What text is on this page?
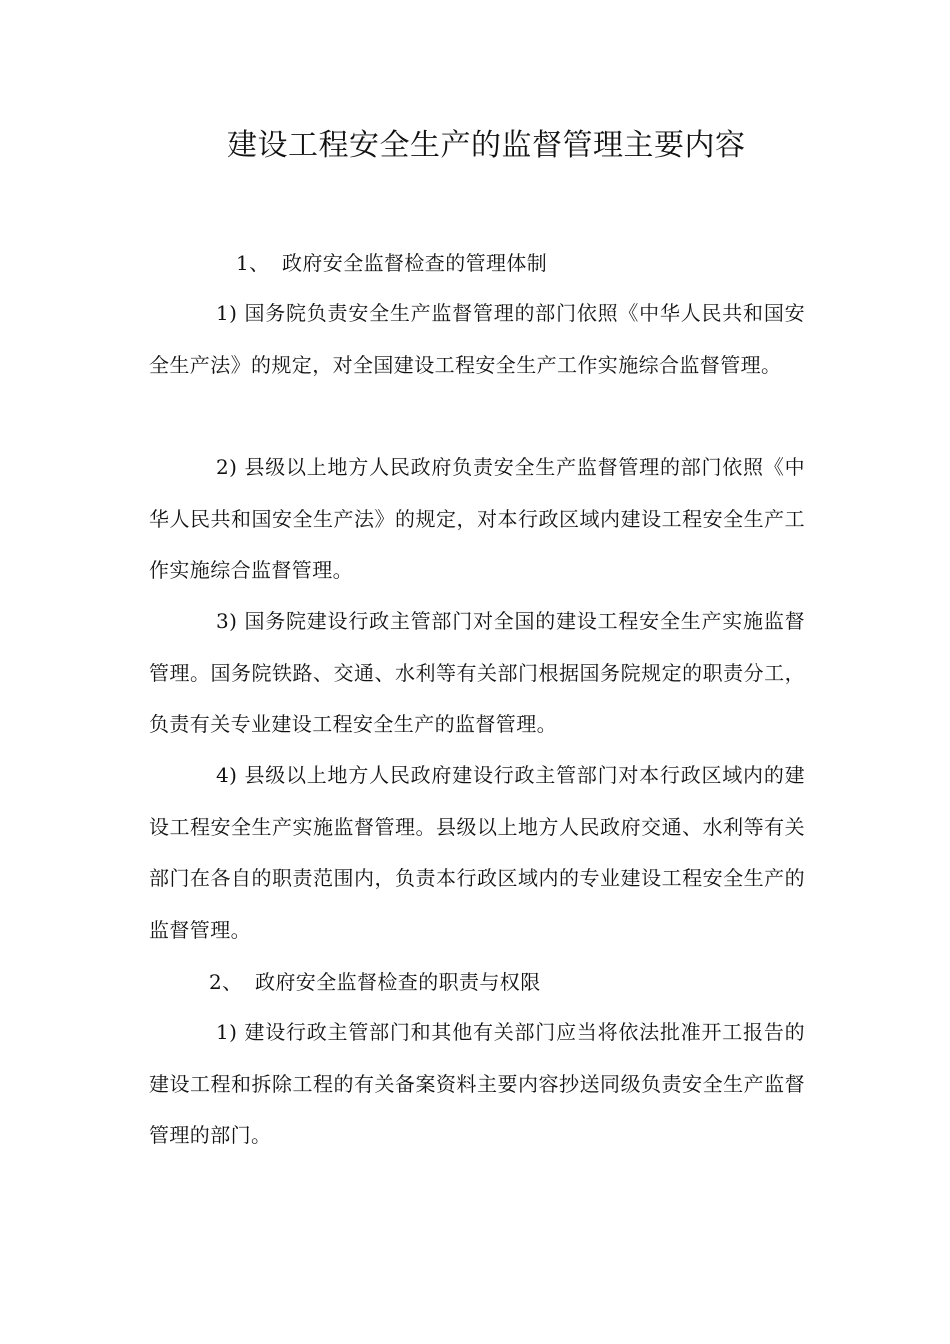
建设工程安全生产的监督管理主要内容
1、 政府安全监督检查的管理体制
1) 国务院负责安全生产监督管理的部门依照《中华人民共和国安全生产法》的规定，对全国建设工程安全生产工作实施综合监督管理。
2) 县级以上地方人民政府负责安全生产监督管理的部门依照《中华人民共和国安全生产法》的规定，对本行政区域内建设工程安全生产工作实施综合监督管理。
3) 国务院建设行政主管部门对全国的建设工程安全生产实施监督管理。国务院铁路、交通、水利等有关部门根据国务院规定的职责分工，负责有关专业建设工程安全生产的监督管理。
4) 县级以上地方人民政府建设行政主管部门对本行政区域内的建设工程安全生产实施监督管理。县级以上地方人民政府交通、水利等有关部门在各自的职责范围内，负责本行政区域内的专业建设工程安全生产的监督管理。
2、 政府安全监督检查的职责与权限
1) 建设行政主管部门和其他有关部门应当将依法批准开工报告的建设工程和拆除工程的有关备案资料主要内容抄送同级负责安全生产监督管理的部门。
